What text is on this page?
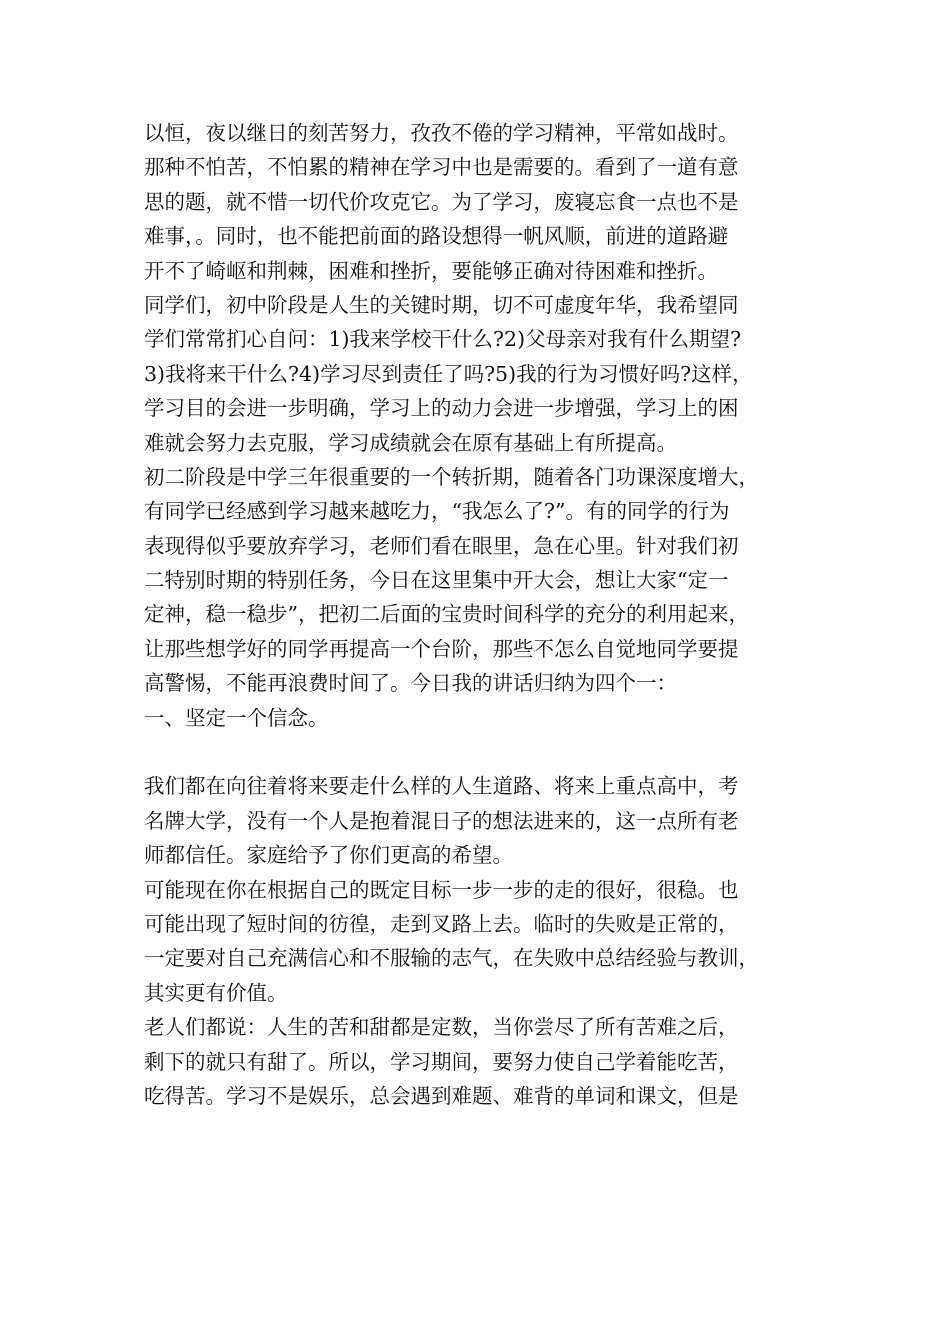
以恒，夜以继日的刻苦努力，孜孜不倦的学习精神，平常如战时。
那种不怕苦，不怕累的精神在学习中也是需要的。看到了一道有意
思的题，就不惜一切代价攻克它。为了学习，废寝忘食一点也不是
难事，。同时，也不能把前面的路设想得一帆风顺，前进的道路避
开不了崎岖和荆棘，困难和挫折，要能够正确对待困难和挫折。
同学们，初中阶段是人生的关键时期，切不可虚度年华，我希望同
学们常常扪心自问：1)我来学校干什么?2)父母亲对我有什么期望?
3)我将来干什么?4)学习尽到责任了吗?5)我的行为习惯好吗?这样，
学习目的会进一步明确，学习上的动力会进一步增强，学习上的困
难就会努力去克服，学习成绩就会在原有基础上有所提高。
初二阶段是中学三年很重要的一个转折期，随着各门功课深度增大，
有同学已经感到学习越来越吃力，“我怎么了?”。有的同学的行为
表现得似乎要放弃学习，老师们看在眼里，急在心里。针对我们初
二特别时期的特别任务，今日在这里集中开大会，想让大家“定一
定神，稳一稳步”，把初二后面的宝贵时间科学的充分的利用起来，
让那些想学好的同学再提高一个台阶，那些不怎么自觉地同学要提
高警惕，不能再浪费时间了。今日我的讲话归纳为四个一：
一、坚定一个信念。
我们都在向往着将来要走什么样的人生道路、将来上重点高中，考
名牌大学，没有一个人是抱着混日子的想法进来的，这一点所有老
师都信任。家庭给予了你们更高的希望。
可能现在你在根据自己的既定目标一步一步的走的很好，很稳。也
可能出现了短时间的彷徨，走到叉路上去。临时的失败是正常的，
一定要对自己充满信心和不服输的志气，在失败中总结经验与教训，
其实更有价值。
老人们都说：人生的苦和甜都是定数，当你尝尽了所有苦难之后，
剩下的就只有甜了。所以，学习期间，要努力使自己学着能吃苦，
吃得苦。学习不是娱乐，总会遇到难题、难背的单词和课文，但是
